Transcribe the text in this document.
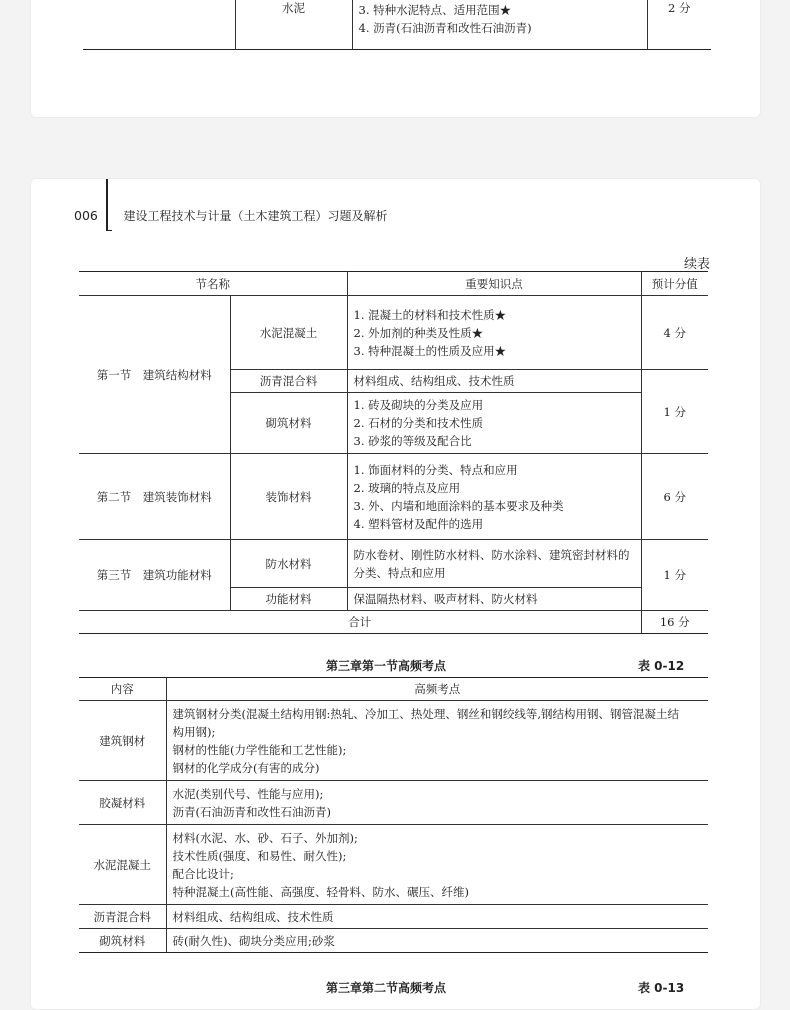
	水泥	3. 特种水泥特点、适用范围★
4. 沥青(石油沥青和改性石油沥青)
	2 分

006 建设工程技术与计量（土木建筑工程）习题及解析
续表
节名称		重要知识点	预计分值
第一节　建筑结构材料	水泥混凝土	1. 混凝土的材料和技术性质★
2. 外加剂的种类及性质★
3. 特种混凝土的性质及应用★	4 分
	沥青混合料	材料组成、结构组成、技术性质	1 分
	砌筑材料	1. 砖及砌块的分类及应用
2. 石材的分类和技术性质
3. 砂浆的等级及配合比	

第二节　建筑装饰材料	装饰材料	1. 饰面材料的分类、特点和应用
2. 玻璃的特点及应用
3. 外、内墙和地面涂料的基本要求及种类
4. 塑料管材及配件的选用	6 分
第三节　建筑功能材料	防水材料	防水卷材、刚性防水材料、防水涂料、建筑密封材料的
分类、特点和应用	1 分
	功能材料	保温隔热材料、吸声材料、防火材料	
合计			16 分
第三章第一节高频考点	表 0-12
内容	高频考点
建筑钢材	建筑钢材分类(混凝土结构用钢:热轧、冷加工、热处理、钢丝和钢绞线等,钢结构用钢、钢管混凝土结
构用钢);
钢材的性能(力学性能和工艺性能);
钢材的化学成分(有害的成分)

胶凝材料	水泥(类别代号、性能与应用);
沥青(石油沥青和改性石油沥青)

水泥混凝土	材料(水泥、水、砂、石子、外加剂);
技术性质(强度、和易性、耐久性);
配合比设计;
特种混凝土(高性能、高强度、轻骨料、防水、碾压、纤维)

沥青混合料	材料组成、结构组成、技术性质
砌筑材料	砖(耐久性)、砌块分类应用;砂浆
第三章第二节高频考点	表 0-13
